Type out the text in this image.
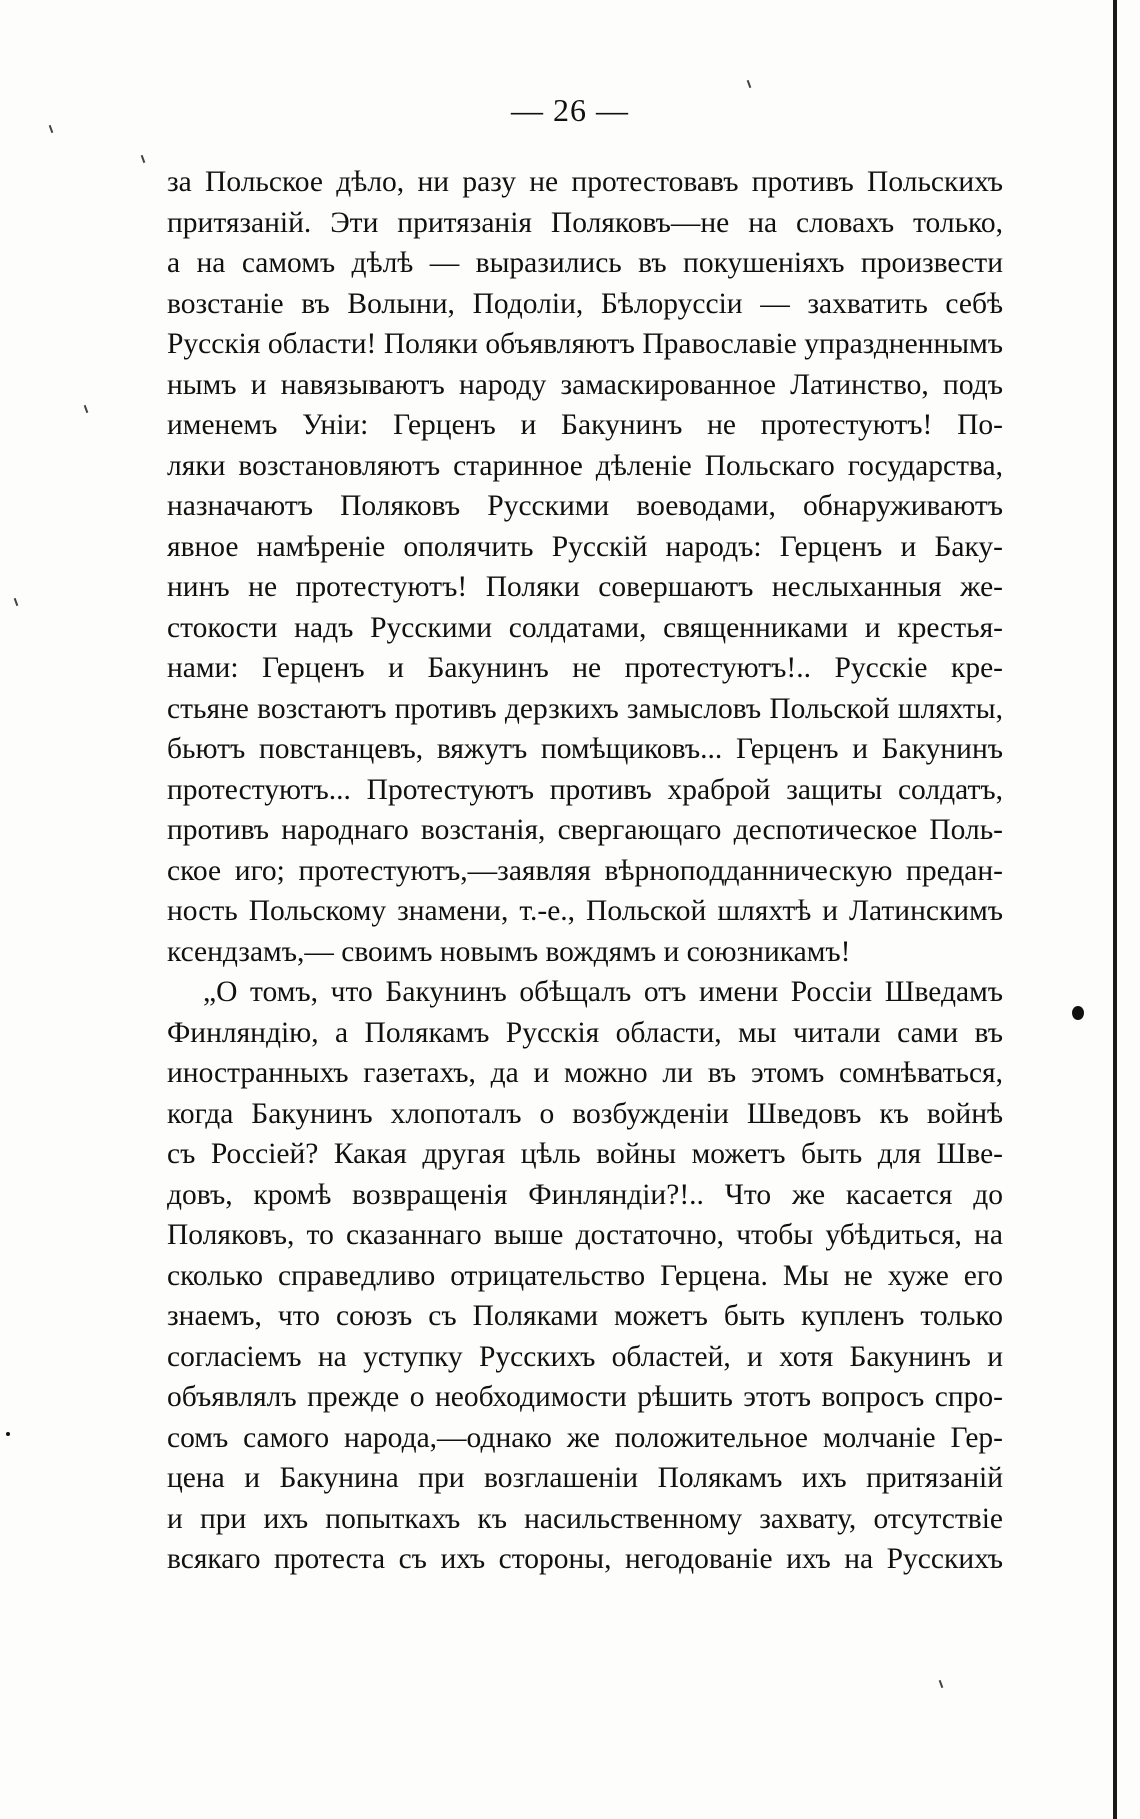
— 26 —
за Польское дѣло, ни разу не протестовавъ противъ Польскихъ
притязаній. Эти притязанія Поляковъ—не на словахъ только,
а на самомъ дѣлѣ — выразились въ покушеніяхъ произвести
возстаніе въ Волыни, Подоліи, Бѣлоруссіи — захватить себѣ
Русскія области! Поляки объявляютъ Православіе упраздненнымъ
нымъ и навязываютъ народу замаскированное Латинство, подъ
именемъ Уніи: Герценъ и Бакунинъ не протестуютъ! По-
ляки возстановляютъ старинное дѣленіе Польскаго государства,
назначаютъ Поляковъ Русскими воеводами, обнаруживаютъ
явное намѣреніе ополячить Русскій народъ: Герценъ и Баку-
нинъ не протестуютъ! Поляки совершаютъ неслыханныя же-
стокости надъ Русскими солдатами, священниками и крестья-
нами: Герценъ и Бакунинъ не протестуютъ!.. Русскіе кре-
стьяне возстаютъ противъ дерзкихъ замысловъ Польской шляхты,
бьютъ повстанцевъ, вяжутъ помѣщиковъ... Герценъ и Бакунинъ
протестуютъ... Протестуютъ противъ храброй защиты солдатъ,
противъ народнаго возстанія, свергающаго деспотическое Поль-
ское иго; протестуютъ,—заявляя вѣрноподданническую предан-
ность Польскому знамени, т.-е., Польской шляхтѣ и Латинскимъ
ксендзамъ,— своимъ новымъ вождямъ и союзникамъ!
„О томъ, что Бакунинъ обѣщалъ отъ имени Россіи Шведамъ
Финляндію, а Полякамъ Русскія области, мы читали сами въ
иностранныхъ газетахъ, да и можно ли въ этомъ сомнѣваться,
когда Бакунинъ хлопоталъ о возбужденіи Шведовъ къ войнѣ
съ Россіей? Какая другая цѣль войны можетъ быть для Шве-
довъ, кромѣ возвращенія Финляндіи?!.. Что же касается до
Поляковъ, то сказаннаго выше достаточно, чтобы убѣдиться, на
сколько справедливо отрицательство Герцена. Мы не хуже его
знаемъ, что союзъ съ Поляками можетъ быть купленъ только
согласіемъ на уступку Русскихъ областей, и хотя Бакунинъ и
объявлялъ прежде о необходимости рѣшить этотъ вопросъ спро-
сомъ самого народа,—однако же положительное молчаніе Гер-
цена и Бакунина при возглашеніи Полякамъ ихъ притязаній
и при ихъ попыткахъ къ насильственному захвату, отсутствіе
всякаго протеста съ ихъ стороны, негодованіе ихъ на Русскихъ
